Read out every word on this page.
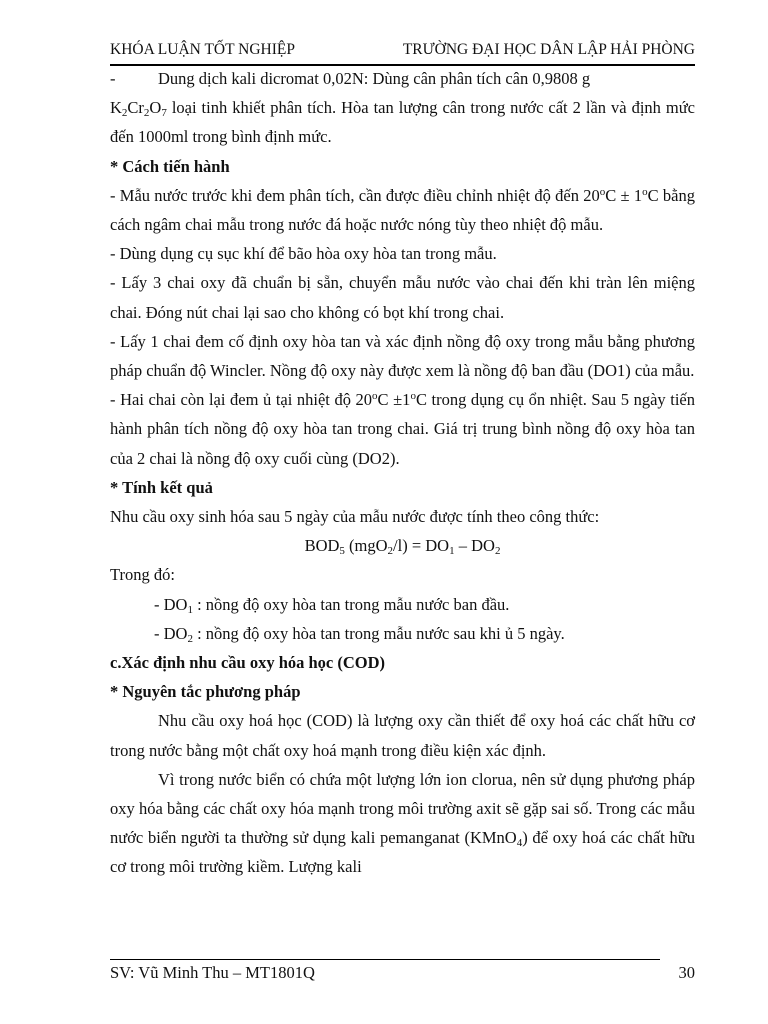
KHÓA LUẬN TỐT NGHIỆP	TRƯỜNG ĐẠI HỌC DÂN LẬP HẢI PHÒNG

-	Dung dịch kali dicromat 0,02N: Dùng cân phân tích cân 0,9808 g
$K_2Cr_2O_7$ loại tinh khiết phân tích. Hòa tan lượng cân trong nước cất 2 lần và định mức đến 1000ml trong bình định mức.

* Cách tiến hành

- Mẫu nước trước khi đem phân tích, cần được điều chỉnh nhiệt độ đến $20^oC \pm 1^oC$ bằng cách ngâm chai mẫu trong nước đá hoặc nước nóng tùy theo nhiệt độ mẫu.

- Dùng dụng cụ sục khí để bão hòa oxy hòa tan trong mẫu.

- Lấy 3 chai oxy đã chuẩn bị sẵn, chuyển mẫu nước vào chai đến khi tràn lên miệng chai. Đóng nút chai lại sao cho không có bọt khí trong chai.

- Lấy 1 chai đem cố định oxy hòa tan và xác định nồng độ oxy trong mẫu bằng phương pháp chuẩn độ Wincler. Nồng độ oxy này được xem là nồng độ ban đầu (DO1) của mẫu.

- Hai chai còn lại đem ủ tại nhiệt độ $20^oC \pm 1^oC$ trong dụng cụ ổn nhiệt. Sau 5 ngày tiến hành phân tích nồng độ oxy hòa tan trong chai. Giá trị trung bình nồng độ oxy hòa tan của 2 chai là nồng độ oxy cuối cùng (DO2).

* Tính kết quả

Nhu cầu oxy sinh hóa sau 5 ngày của mẫu nước được tính theo công thức:

$BOD_5$ $(mgO_2/l) = DO_1 - DO_2$

Trong đó:

- $DO_1$ : nồng độ oxy hòa tan trong mẫu nước ban đầu.

- $DO_2$ : nồng độ oxy hòa tan trong mẫu nước sau khi ủ 5 ngày.

c.Xác định nhu cầu oxy hóa học (COD)

* Nguyên tắc phương pháp

Nhu cầu oxy hoá học (COD) là lượng oxy cần thiết để oxy hoá các chất hữu cơ trong nước bằng một chất oxy hoá mạnh trong điều kiện xác định.

Vì trong nước biển có chứa một lượng lớn ion clorua, nên sử dụng phương pháp oxy hóa bằng các chất oxy hóa mạnh trong môi trường axit sẽ gặp sai số. Trong các mẫu nước biển người ta thường sử dụng kali pemanganat (KMnO$_4$) để oxy hoá các chất hữu cơ trong môi trường kiềm. Lượng kali

SV: Vũ Minh Thu – MT1801Q	30
